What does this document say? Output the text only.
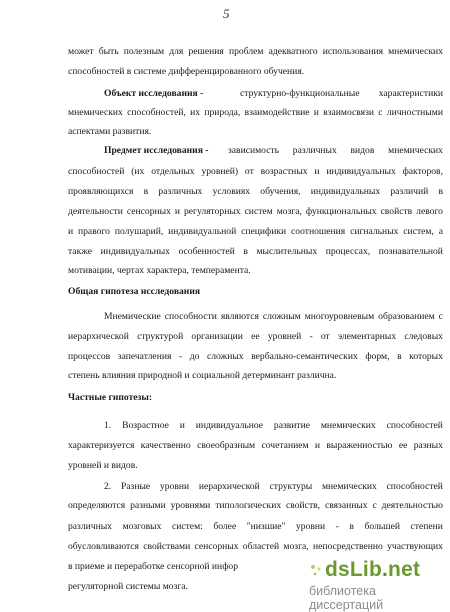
5
может быть полезным для решения проблем адекватного использования мнемических
способностей в системе дифференцированного обучения.
Объект исследования -	структурно-функциональные характеристики
мнемических способностей, их природа, взаимодействие и взаимосвязи с личностными
аспектами развития.
Предмет исследования - зависимость различных видов мнемических
способностей (их отдельных уровней) от возрастных и индивидуальных факторов,
проявляющихся в различных условиях обучения, индивидуальных различий в
деятельности сенсорных и регуляторных систем мозга, функциональных свойств левого
и правого полушарий, индивидуальной специфики соотношения сигнальных систем, а
также индивидуальных особенностей в мыслительных процессах, познавательной
мотивации, чертах характера, темперамента.
Общая гипотеза исследования
Мнемические способности являются сложным многоуровневым образованием с
иерархической структурой организации ее уровней - от элементарных следовых
процессов запечатления - до сложных вербально-семантических форм, в которых
степень влияния природной и социальной детерминант различна.
Частные гипотезы:
1. Возрастное и индивидуальное развитие мнемических способностей
характеризуется качественно своеобразным сочетанием и выраженностью ее разных
уровней и видов.
2. Разные уровни иерархической структуры мнемических способностей
определяются разными уровнями типологических свойств, связанных с деятельностью
различных мозговых систем: более "низшие" уровни - в большей степени
обусловливаются свойствами сенсорных областей мозга, непосредственно участвующих
в приеме и переработке сенсорной инфор
регуляторной системы мозга.
dsLib.net
библиотека диссертаций
